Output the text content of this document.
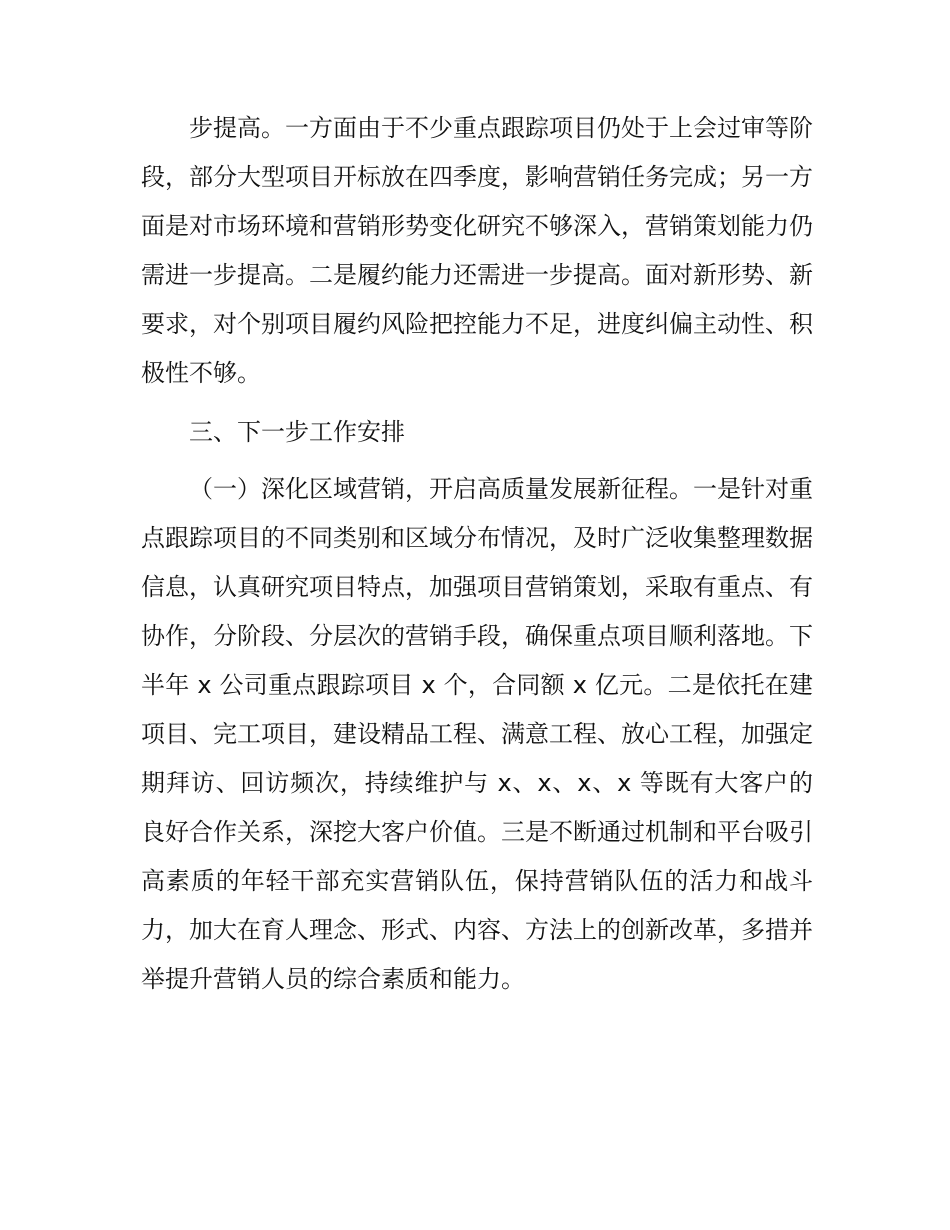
步提高。一方面由于不少重点跟踪项目仍处于上会过审等阶段，部分大型项目开标放在四季度，影响营销任务完成；另一方面是对市场环境和营销形势变化研究不够深入，营销策划能力仍需进一步提高。二是履约能力还需进一步提高。面对新形势、新要求，对个别项目履约风险把控能力不足，进度纠偏主动性、积极性不够。

三、下一步工作安排

（一）深化区域营销，开启高质量发展新征程。一是针对重点跟踪项目的不同类别和区域分布情况，及时广泛收集整理数据信息，认真研究项目特点，加强项目营销策划，采取有重点、有协作，分阶段、分层次的营销手段，确保重点项目顺利落地。下半年 x 公司重点跟踪项目 x 个，合同额 x 亿元。二是依托在建项目、完工项目，建设精品工程、满意工程、放心工程，加强定期拜访、回访频次，持续维护与 x、x、x、x 等既有大客户的良好合作关系，深挖大客户价值。三是不断通过机制和平台吸引高素质的年轻干部充实营销队伍，保持营销队伍的活力和战斗力，加大在育人理念、形式、内容、方法上的创新改革，多措并举提升营销人员的综合素质和能力。
